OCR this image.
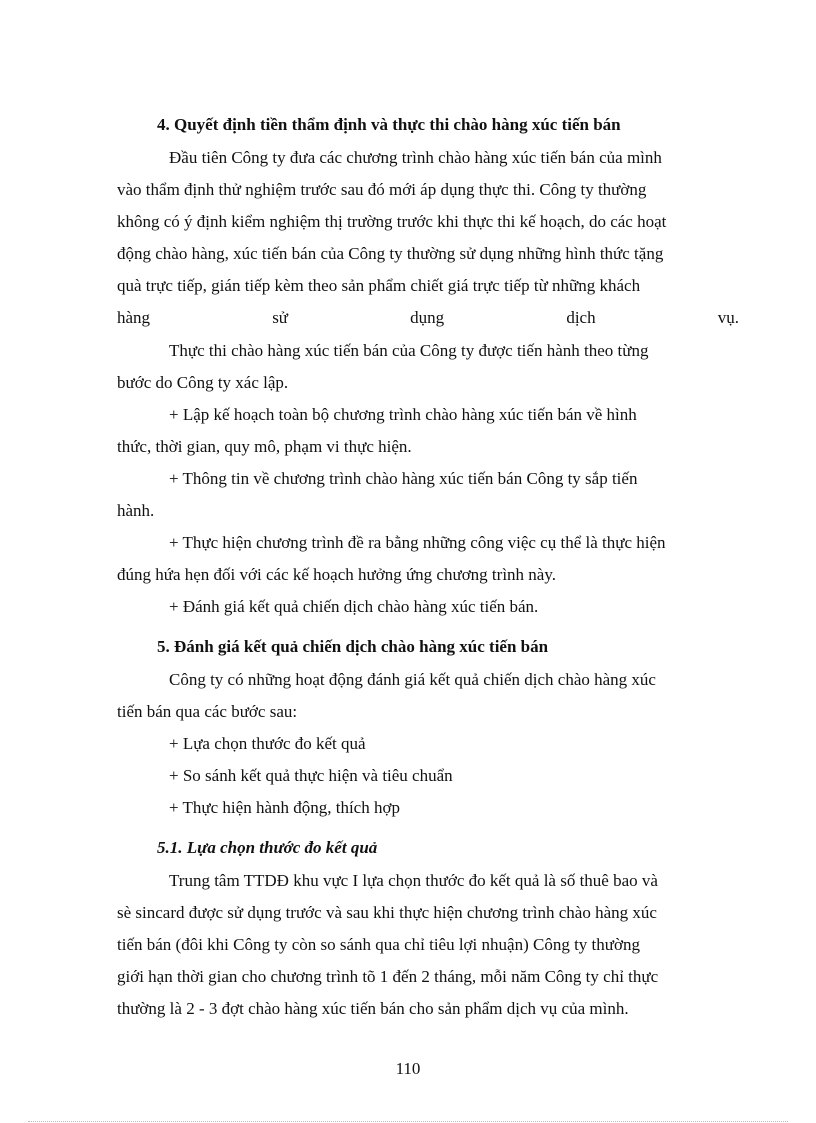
4. Quyết định tiền thẩm định và thực thi chào hàng xúc tiến bán
Đầu tiên Công ty đưa các chương trình chào hàng xúc tiến bán của mình
vào thẩm định thử nghiệm trước sau đó mới áp dụng thực thi. Công ty thường
không có ý định kiểm nghiệm thị trường trước khi thực thi kế hoạch, do các hoạt
động chào hàng, xúc tiến bán của Công ty thường sử dụng những hình thức tặng
quà trực tiếp, gián tiếp kèm theo sản phẩm chiết giá trực tiếp từ những khách
hàng	sử	dụng	dịch	vụ.
Thực thi chào hàng xúc tiến bán của Công ty được tiến hành theo từng
bước do Công ty xác lập.
+ Lập kế hoạch toàn bộ chương trình chào hàng xúc tiến bán về hình
thức, thời gian, quy mô, phạm vi thực hiện.
+ Thông tin về chương trình chào hàng xúc tiến bán Công ty sắp tiến
hành.
+ Thực hiện chương trình đề ra bằng những công việc cụ thể là thực hiện
đúng hứa hẹn đối với các kế hoạch hưởng ứng chương trình này.
+ Đánh giá kết quả chiến dịch chào hàng xúc tiến bán.
5. Đánh giá kết quả chiến dịch chào hàng xúc tiến bán
Công ty có những hoạt động đánh giá kết quả chiến dịch chào hàng xúc
tiến bán qua các bước sau:
+ Lựa chọn thước đo kết quả
+ So sánh kết quả thực hiện và tiêu chuẩn
+ Thực hiện hành động, thích hợp
5.1. Lựa chọn thước đo kết quả
Trung tâm TTDĐ khu vực I lựa chọn thước đo kết quả là số thuê bao và
sè sincard được sử dụng trước và sau khi thực hiện chương trình chào hàng xúc
tiến bán (đôi khi Công ty còn so sánh qua chỉ tiêu lợi nhuận) Công ty thường
giới hạn thời gian cho chương trình tõ 1 đến 2 tháng, mỗi năm Công ty chỉ thực
thường là 2 - 3 đợt chào hàng xúc tiến bán cho sản phẩm dịch vụ của mình.
110
